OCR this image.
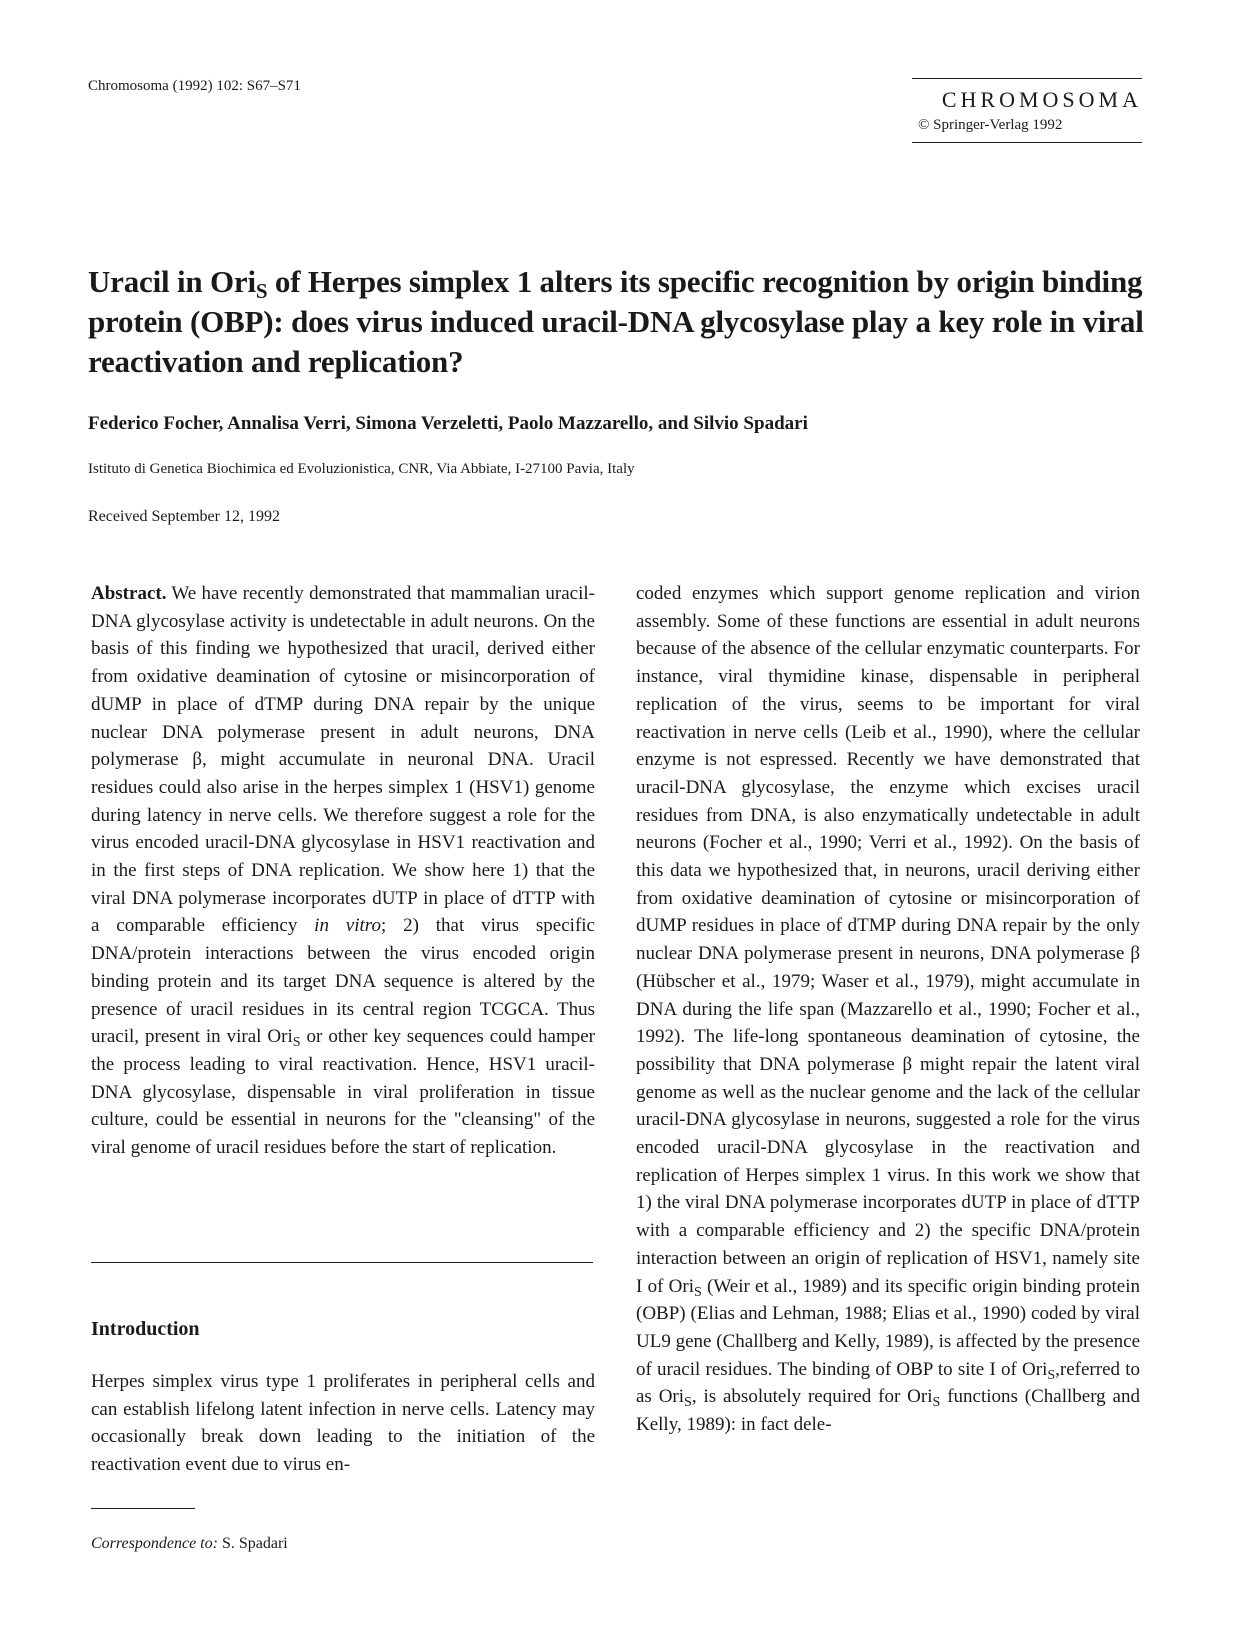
Chromosoma (1992) 102: S67–S71
CHROMOSOMA
© Springer-Verlag 1992
Uracil in Ori$_S$ of Herpes simplex 1 alters its specific recognition by origin binding protein (OBP): does virus induced uracil-DNA glycosylase play a key role in viral reactivation and replication?
Federico Focher, Annalisa Verri, Simona Verzeletti, Paolo Mazzarello, and Silvio Spadari
Istituto di Genetica Biochimica ed Evoluzionistica, CNR, Via Abbiate, I-27100 Pavia, Italy
Received September 12, 1992
Abstract. We have recently demonstrated that mammalian uracil-DNA glycosylase activity is undetectable in adult neurons. On the basis of this finding we hypothesized that uracil, derived either from oxidative deamination of cytosine or misincorporation of dUMP in place of dTMP during DNA repair by the unique nuclear DNA polymerase present in adult neurons, DNA polymerase β, might accumulate in neuronal DNA. Uracil residues could also arise in the herpes simplex 1 (HSV1) genome during latency in nerve cells. We therefore suggest a role for the virus encoded uracil-DNA glycosylase in HSV1 reactivation and in the first steps of DNA replication. We show here 1) that the viral DNA polymerase incorporates dUTP in place of dTTP with a comparable efficiency in vitro; 2) that virus specific DNA/protein interactions between the virus encoded origin binding protein and its target DNA sequence is altered by the presence of uracil residues in its central region TCGCA. Thus uracil, present in viral Ori$_S$ or other key sequences could hamper the process leading to viral reactivation. Hence, HSV1 uracil-DNA glycosylase, dispensable in viral proliferation in tissue culture, could be essential in neurons for the "cleansing" of the viral genome of uracil residues before the start of replication.
Introduction
Herpes simplex virus type 1 proliferates in peripheral cells and can establish lifelong latent infection in nerve cells. Latency may occasionally break down leading to the initiation of the reactivation event due to virus en-
Correspondence to: S. Spadari
coded enzymes which support genome replication and virion assembly. Some of these functions are essential in adult neurons because of the absence of the cellular enzymatic counterparts. For instance, viral thymidine kinase, dispensable in peripheral replication of the virus, seems to be important for viral reactivation in nerve cells (Leib et al., 1990), where the cellular enzyme is not espressed. Recently we have demonstrated that uracil-DNA glycosylase, the enzyme which excises uracil residues from DNA, is also enzymatically undetectable in adult neurons (Focher et al., 1990; Verri et al., 1992). On the basis of this data we hypothesized that, in neurons, uracil deriving either from oxidative deamination of cytosine or misincorporation of dUMP residues in place of dTMP during DNA repair by the only nuclear DNA polymerase present in neurons, DNA polymerase β (Hübscher et al., 1979; Waser et al., 1979), might accumulate in DNA during the life span (Mazzarello et al., 1990; Focher et al., 1992). The life-long spontaneous deamination of cytosine, the possibility that DNA polymerase β might repair the latent viral genome as well as the nuclear genome and the lack of the cellular uracil-DNA glycosylase in neurons, suggested a role for the virus encoded uracil-DNA glycosylase in the reactivation and replication of Herpes simplex 1 virus. In this work we show that 1) the viral DNA polymerase incorporates dUTP in place of dTTP with a comparable efficiency and 2) the specific DNA/protein interaction between an origin of replication of HSV1, namely site I of Ori$_S$ (Weir et al., 1989) and its specific origin binding protein (OBP) (Elias and Lehman, 1988; Elias et al., 1990) coded by viral UL9 gene (Challberg and Kelly, 1989), is affected by the presence of uracil residues. The binding of OBP to site I of Ori$_S$,referred to as Ori$_S$, is absolutely required for Ori$_S$ functions (Challberg and Kelly, 1989): in fact dele-
